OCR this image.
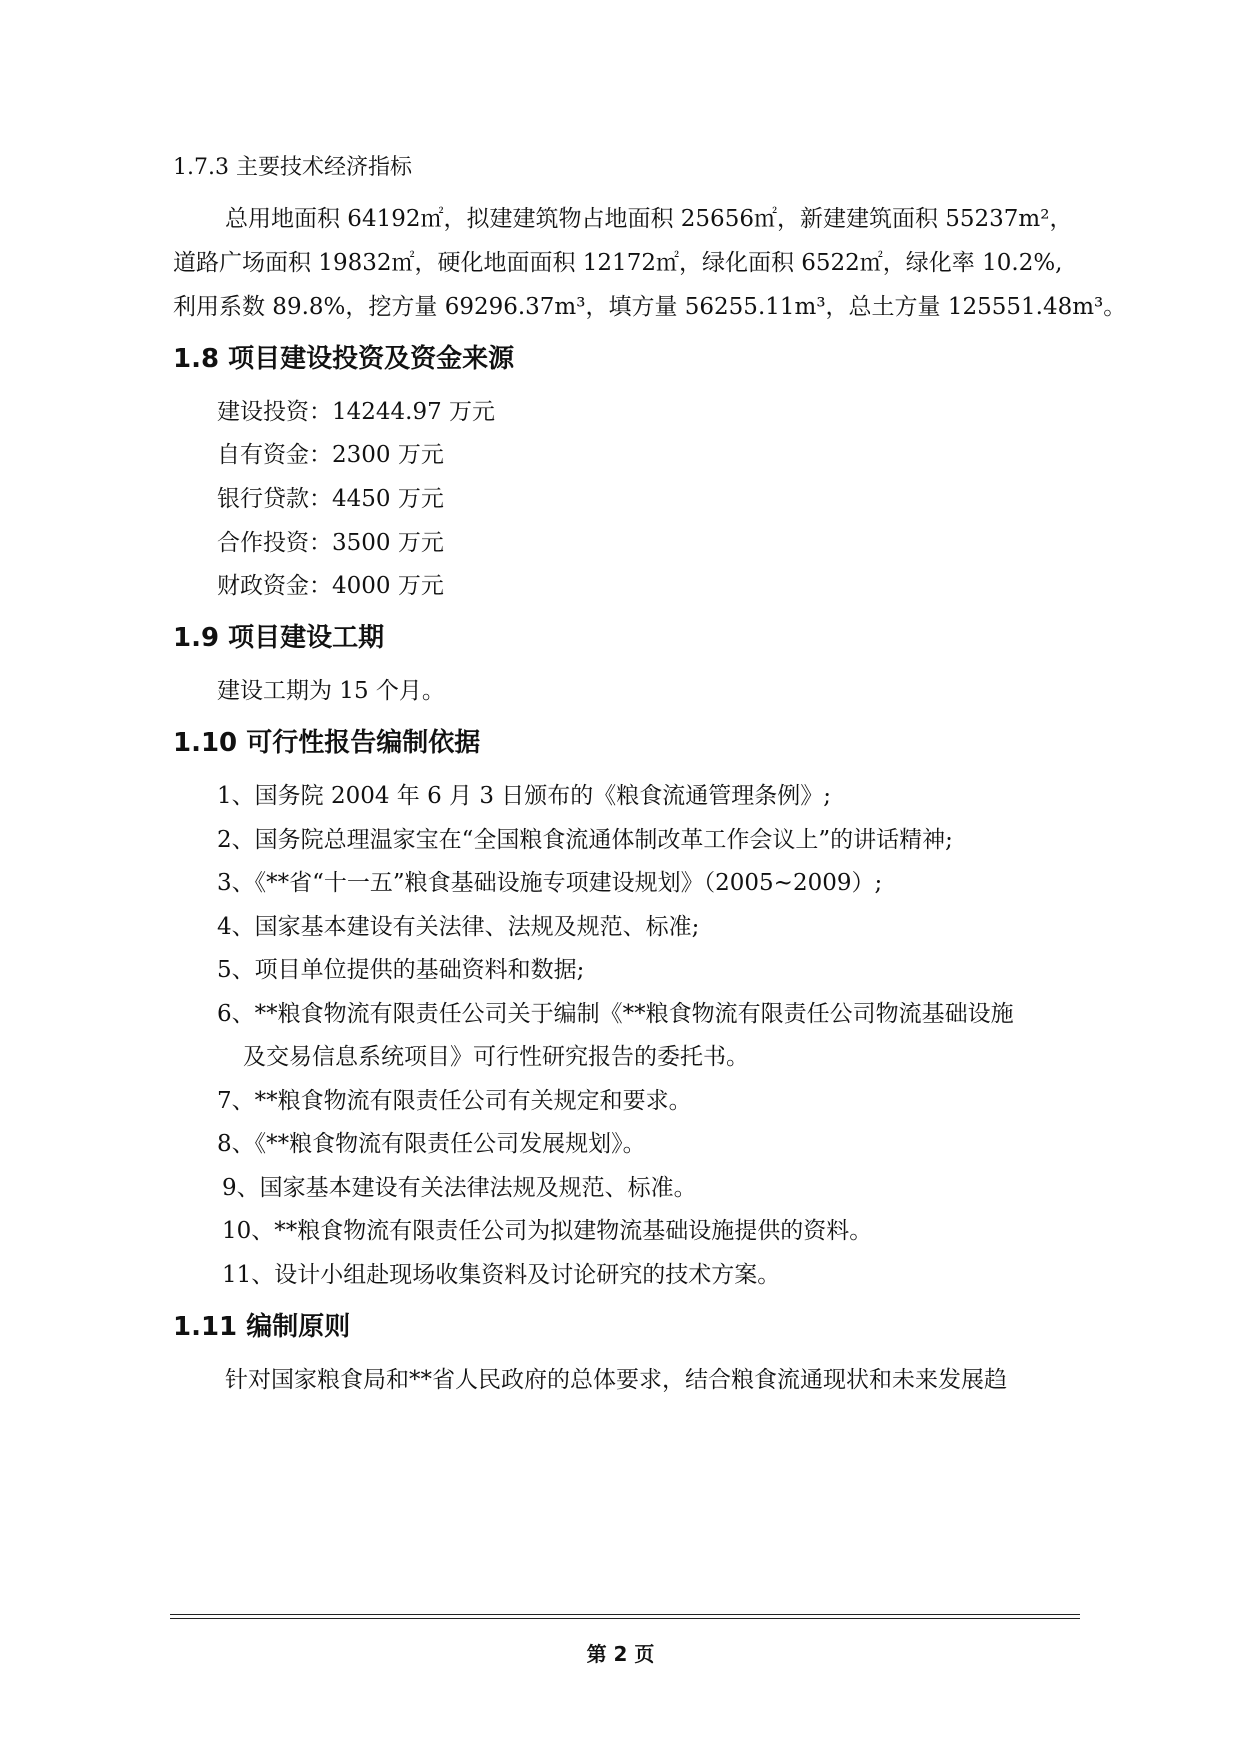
1.7.3 主要技术经济指标
总用地面积 64192㎡，拟建建筑物占地面积 25656㎡，新建建筑面积 55237m²，
道路广场面积 19832㎡，硬化地面面积 12172㎡，绿化面积 6522㎡，绿化率 10.2%,
利用系数 89.8%，挖方量 69296.37m³，填方量 56255.11m³，总土方量 125551.48m³。
1.8 项目建设投资及资金来源
建设投资：14244.97 万元
自有资金：2300 万元
银行贷款：4450 万元
合作投资：3500 万元
财政资金：4000 万元
1.9 项目建设工期
建设工期为 15 个月。
1.10 可行性报告编制依据
1、国务院 2004 年 6 月 3 日颁布的《粮食流通管理条例》;
2、国务院总理温家宝在“全国粮食流通体制改革工作会议上”的讲话精神;
3、《**省“十一五”粮食基础设施专项建设规划》（2005~2009）;
4、国家基本建设有关法律、法规及规范、标准;
5、项目单位提供的基础资料和数据;
6、**粮食物流有限责任公司关于编制《**粮食物流有限责任公司物流基础设施
及交易信息系统项目》可行性研究报告的委托书。
7、**粮食物流有限责任公司有关规定和要求。
8、《**粮食物流有限责任公司发展规划》。
9、国家基本建设有关法律法规及规范、标准。
10、**粮食物流有限责任公司为拟建物流基础设施提供的资料。
11、设计小组赴现场收集资料及讨论研究的技术方案。
1.11 编制原则
针对国家粮食局和**省人民政府的总体要求，结合粮食流通现状和未来发展趋
第 2 页
